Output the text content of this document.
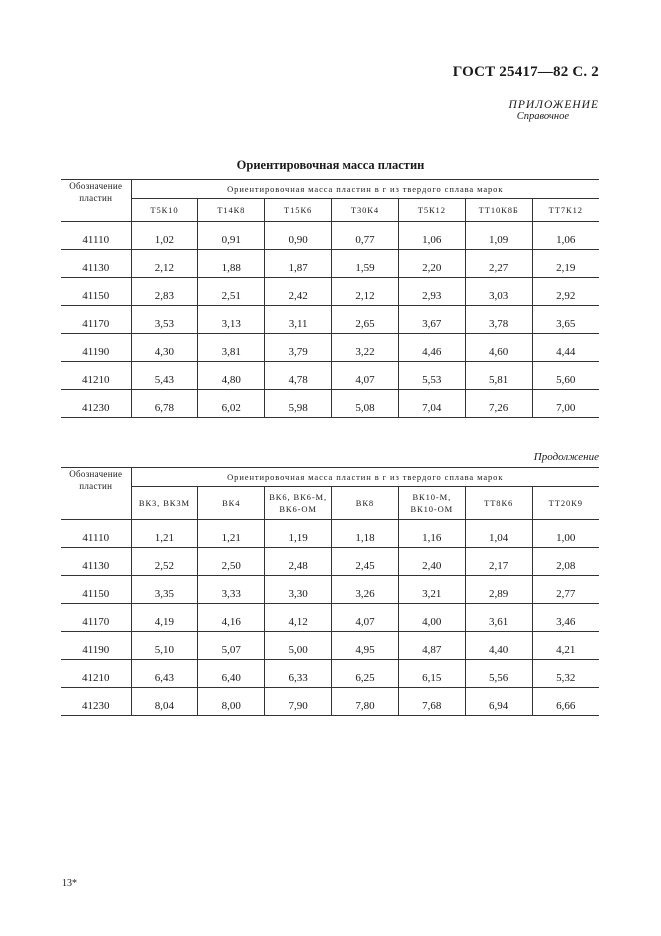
ГОСТ 25417—82 С. 2
ПРИЛОЖЕНИЕ
Справочное
Ориентировочная масса пластин
Обозначение пластин	Ориентировочная масса пластин в г из твердого сплава марок						
	Т5К10	Т14К8	Т15К6	Т30К4	Т5К12	ТТ10К8Б	ТТ7К12

41110	1,02	0,91	0,90	0,77	1,06	1,09	1,06
41130	2,12	1,88	1,87	1,59	2,20	2,27	2,19
41150	2,83	2,51	2,42	2,12	2,93	3,03	2,92
41170	3,53	3,13	3,11	2,65	3,67	3,78	3,65
41190	4,30	3,81	3,79	3,22	4,46	4,60	4,44
41210	5,43	4,80	4,78	4,07	5,53	5,81	5,60
41230	6,78	6,02	5,98	5,08	7,04	7,26	7,00
Продолжение
Обозначение пластин	Ориентировочная масса пластин в г из твердого сплава марок						
	ВК3, ВК3М	ВК4	ВК6, ВК6-М, ВК6-ОМ	ВК8	ВК10-М, ВК10-ОМ	ТТ8К6	ТТ20К9

41110	1,21	1,21	1,19	1,18	1,16	1,04	1,00
41130	2,52	2,50	2,48	2,45	2,40	2,17	2,08
41150	3,35	3,33	3,30	3,26	3,21	2,89	2,77
41170	4,19	4,16	4,12	4,07	4,00	3,61	3,46
41190	5,10	5,07	5,00	4,95	4,87	4,40	4,21
41210	6,43	6,40	6,33	6,25	6,15	5,56	5,32
41230	8,04	8,00	7,90	7,80	7,68	6,94	6,66
13*
